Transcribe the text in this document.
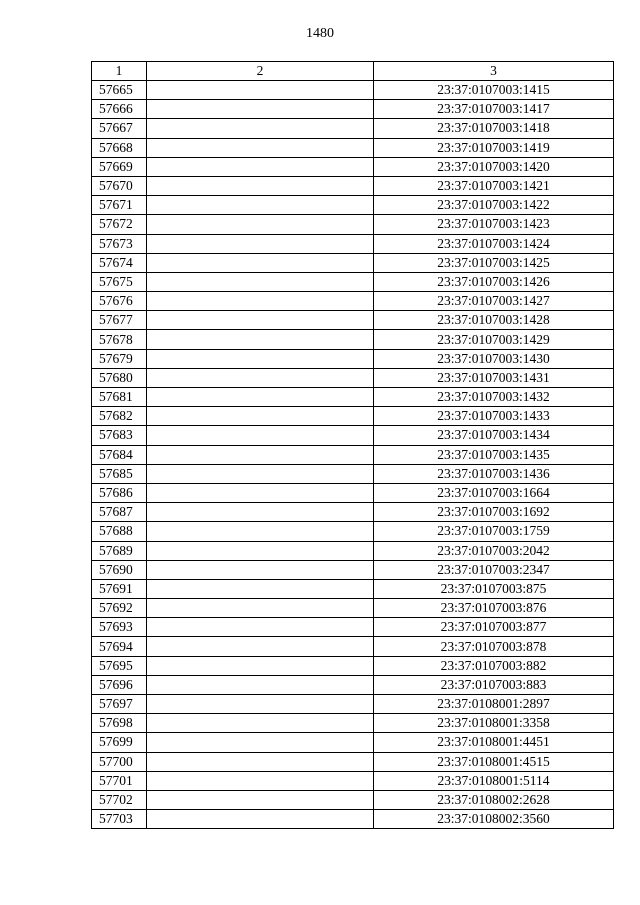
1480
1	2	3
57665		23:37:0107003:1415
57666		23:37:0107003:1417
57667		23:37:0107003:1418
57668		23:37:0107003:1419
57669		23:37:0107003:1420
57670		23:37:0107003:1421
57671		23:37:0107003:1422
57672		23:37:0107003:1423
57673		23:37:0107003:1424
57674		23:37:0107003:1425
57675		23:37:0107003:1426
57676		23:37:0107003:1427
57677		23:37:0107003:1428
57678		23:37:0107003:1429
57679		23:37:0107003:1430
57680		23:37:0107003:1431
57681		23:37:0107003:1432
57682		23:37:0107003:1433
57683		23:37:0107003:1434
57684		23:37:0107003:1435
57685		23:37:0107003:1436
57686		23:37:0107003:1664
57687		23:37:0107003:1692
57688		23:37:0107003:1759
57689		23:37:0107003:2042
57690		23:37:0107003:2347
57691		23:37:0107003:875
57692		23:37:0107003:876
57693		23:37:0107003:877
57694		23:37:0107003:878
57695		23:37:0107003:882
57696		23:37:0107003:883
57697		23:37:0108001:2897
57698		23:37:0108001:3358
57699		23:37:0108001:4451
57700		23:37:0108001:4515
57701		23:37:0108001:5114
57702		23:37:0108002:2628
57703		23:37:0108002:3560
